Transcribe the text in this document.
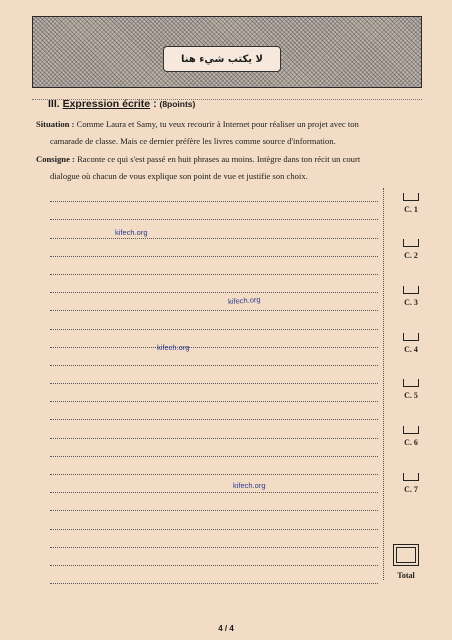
لا يكتب شيء هنا
III. Expression écrite : (8points)
Situation : Comme Laura et Samy, tu veux recourir à Internet pour réaliser un projet avec ton
camarade de classe. Mais ce dernier préfère les livres comme source d'information.
Consigne : Raconte ce qui s'est passé en huit phrases au moins. Intègre dans ton récit un court
dialogue où chacun de vous explique son point de vue et justifie son choix.
kifech.org
kifech.org
kifech.org
kifech.org
C. 1
C. 2
C. 3
C. 4
C. 5
C. 6
C. 7
Total
4 / 4
